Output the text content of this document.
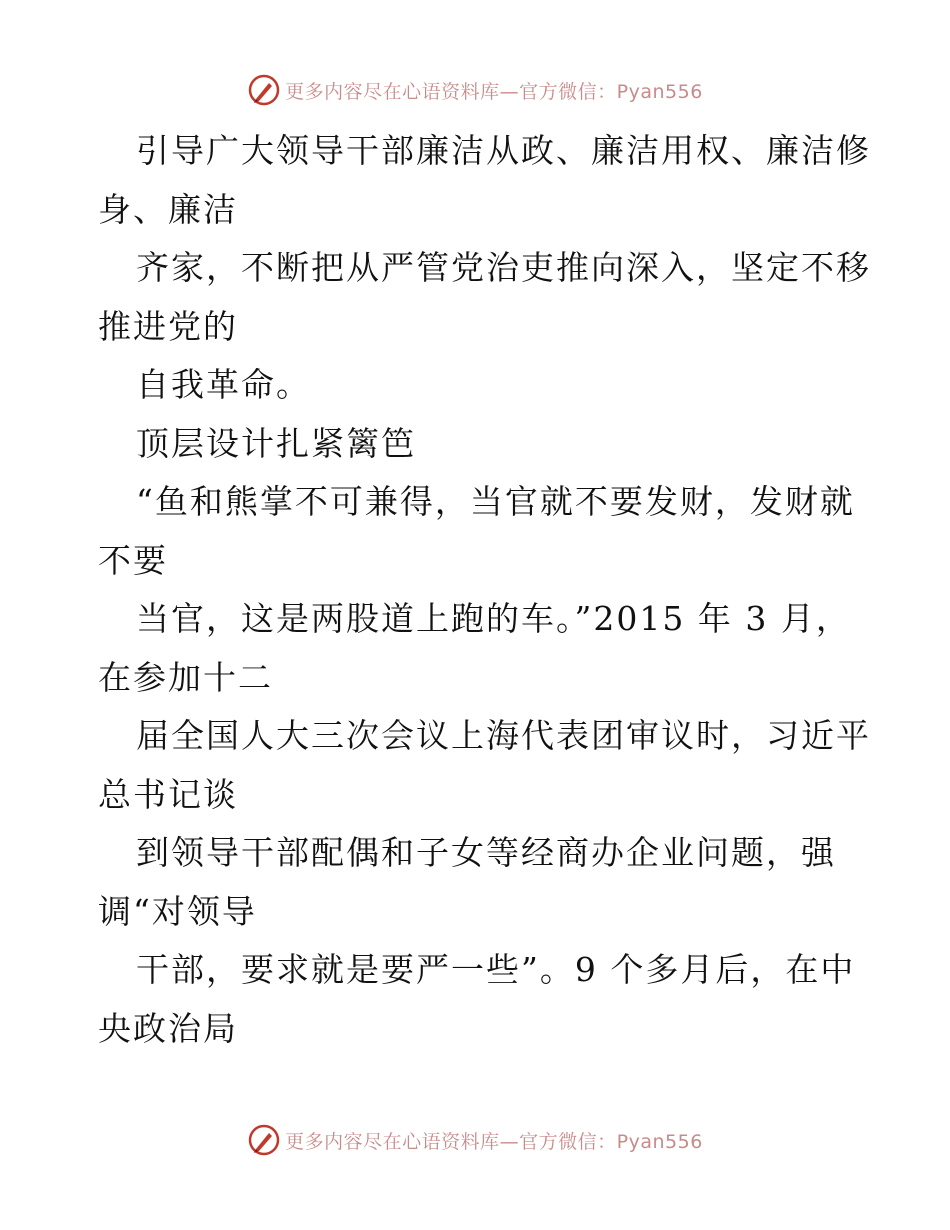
更多内容尽在心语资料库—官方微信：Pyan556
引导广大领导干部廉洁从政、廉洁用权、廉洁修
身、廉洁
齐家，不断把从严管党治吏推向深入，坚定不移
推进党的
自我革命。
顶层设计扎紧篱笆
“鱼和熊掌不可兼得，当官就不要发财，发财就
不要
当官，这是两股道上跑的车。”2015 年 3 月，
在参加十二
届全国人大三次会议上海代表团审议时，习近平
总书记谈
到领导干部配偶和子女等经商办企业问题，强
调“对领导
干部，要求就是要严一些”。9 个多月后，在中
央政治局
更多内容尽在心语资料库—官方微信：Pyan556
